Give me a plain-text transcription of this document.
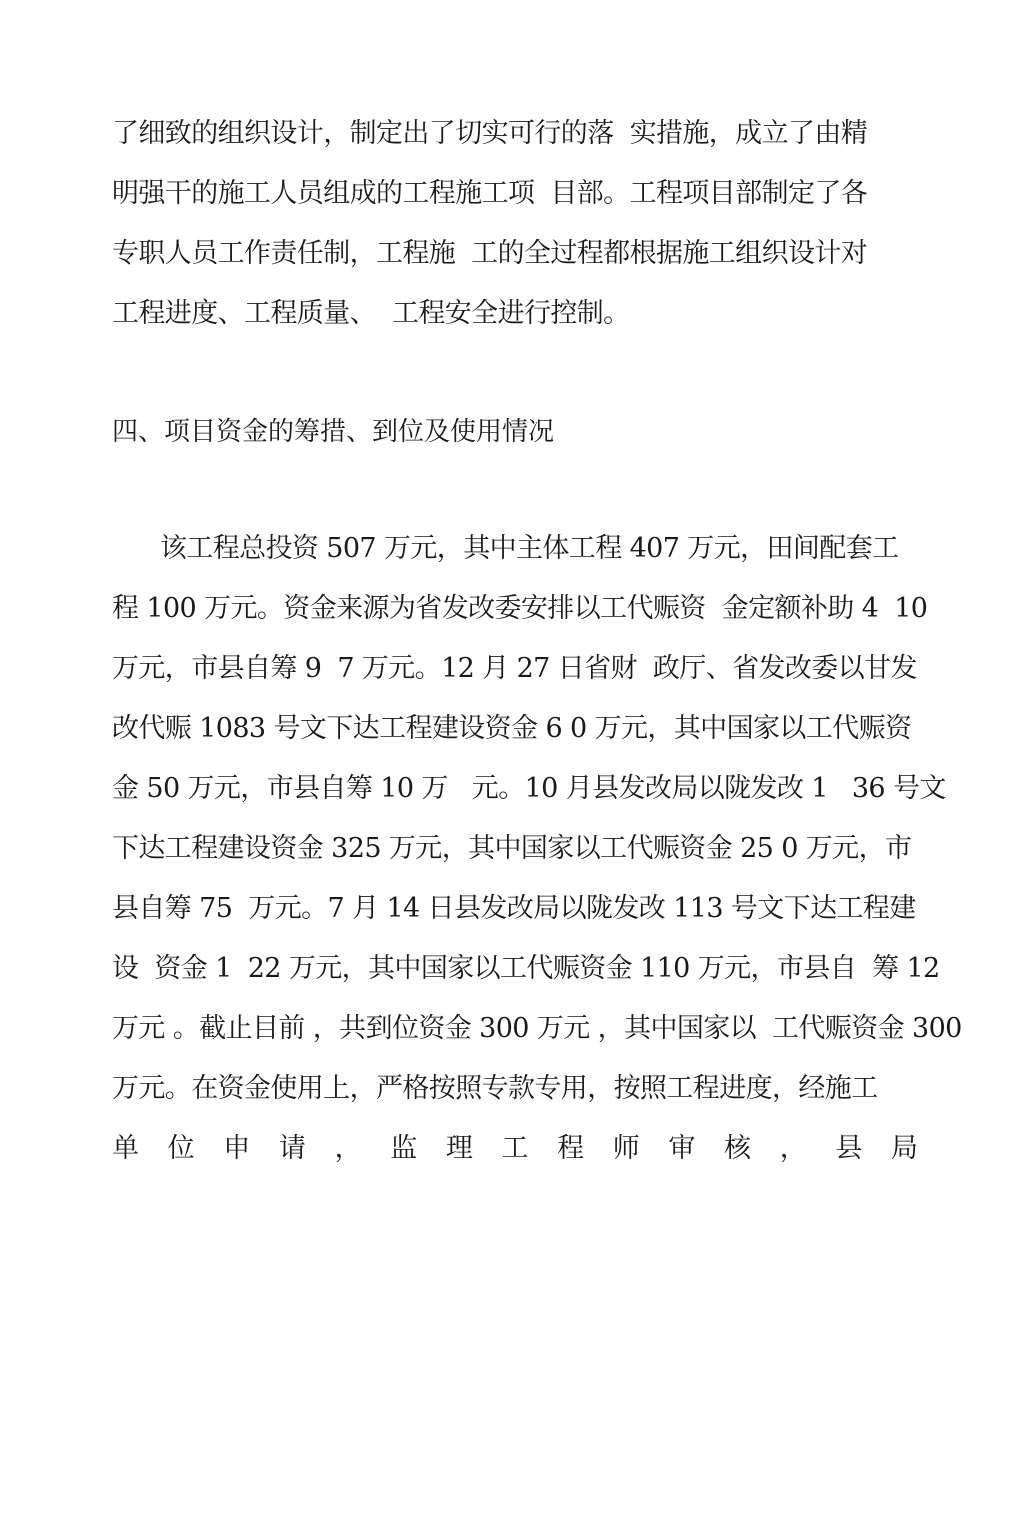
了细致的组织设计，制定出了切实可行的落  实措施，成立了由精
明强干的施工人员组成的工程施工项  目部。工程项目部制定了各
专职人员工作责任制，工程施  工的全过程都根据施工组织设计对
工程进度、工程质量、  工程安全进行控制。
四、项目资金的筹措、到位及使用情况
该工程总投资 507 万元，其中主体工程 407 万元，田间配套工
程 100 万元。资金来源为省发改委安排以工代赈资  金定额补助 4  10
万元，市县自筹 9  7 万元。12 月 27 日省财  政厅、省发改委以甘发
改代赈 1083 号文下达工程建设资金 6 0 万元，其中国家以工代赈资
金 50 万元，市县自筹 10 万   元。10 月县发改局以陇发改 1   36 号文
下达工程建设资金 325 万元，其中国家以工代赈资金 25 0 万元，市
县自筹 75  万元。7 月 14 日县发改局以陇发改 113 号文下达工程建
设  资金 1  22 万元，其中国家以工代赈资金 110 万元，市县自  筹 12
万元 。截止目前 ，共到位资金 300 万元 ，其中国家以  工代赈资金 300
万元。在资金使用上，严格按照专款专用，按照工程进度，经施工
单 位 申 请 ， 监 理 工 程 师 审 核 ， 县 局
